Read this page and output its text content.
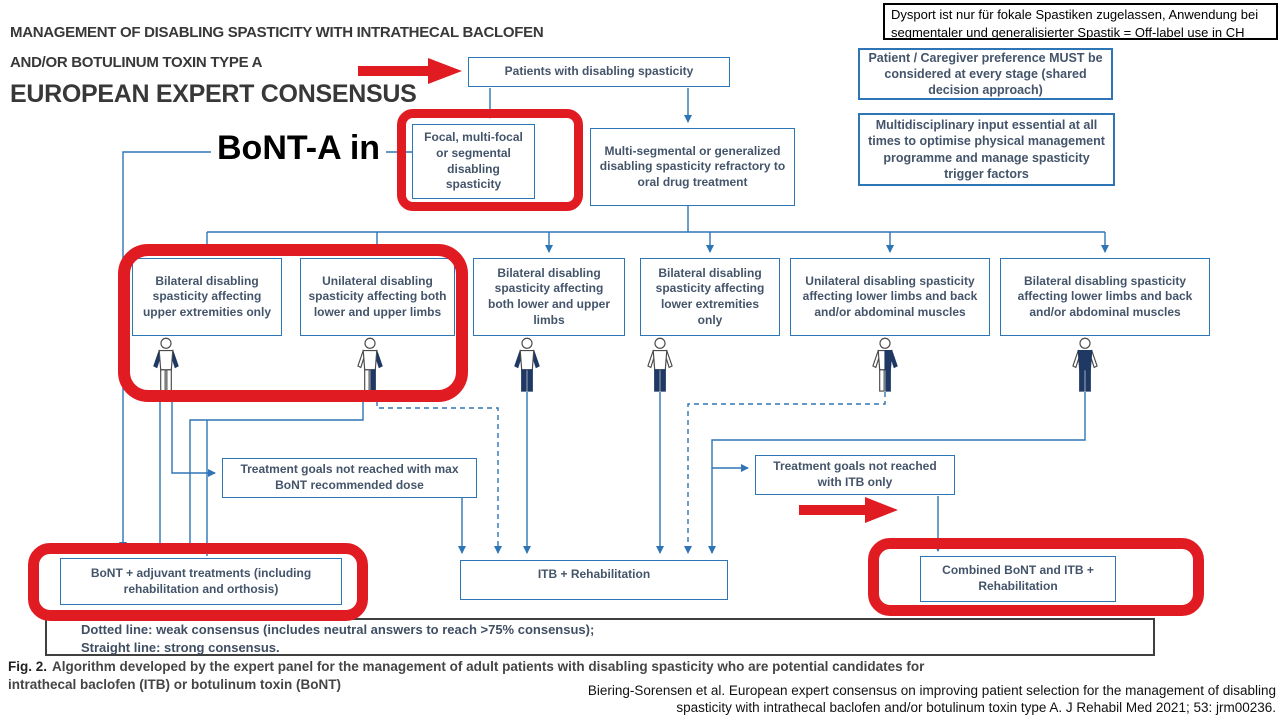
MANAGEMENT OF DISABLING SPASTICITY WITH INTRATHECAL BACLOFEN
AND/OR BOTULINUM TOXIN TYPE A
EUROPEAN EXPERT CONSENSUS
Dysport ist nur für fokale Spastiken zugelassen, Anwendung bei segmentaler und generalisierter Spastik = Off-label use in CH
Patient / Caregiver preference MUST be considered at every stage (shared decision approach)
Multidisciplinary input essential at all times to optimise physical management programme and manage spasticity trigger factors
Patients with disabling spasticity
Focal, multi-focal or segmental disabling spasticity
Multi-segmental or generalized disabling spasticity refractory to oral drug treatment
BoNT-A in
Bilateral disabling spasticity affecting upper extremities only
Unilateral disabling spasticity affecting both lower and upper limbs
Bilateral disabling spasticity affecting both lower and upper limbs
Bilateral disabling spasticity affecting lower extremities only
Unilateral disabling spasticity affecting lower limbs and back and/or abdominal muscles
Bilateral disabling spasticity affecting lower limbs and back and/or abdominal muscles
Treatment goals not reached with max BoNT recommended dose
Treatment goals not reached with ITB only
BoNT + adjuvant treatments (including rehabilitation and orthosis)
ITB + Rehabilitation	Combined BoNT and ITB + Rehabilitation
Dotted line: weak consensus (includes neutral answers to reach >75% consensus);
Straight line: strong consensus.
Fig. 2. Algorithm developed by the expert panel for the management of adult patients with disabling spasticity who are potential candidates for
intrathecal baclofen (ITB) or botulinum toxin (BoNT)	Biering-Sorensen et al. European expert consensus on improving patient selection for the management of disabling
spasticity with intrathecal baclofen and/or botulinum toxin type A. J Rehabil Med 2021; 53: jrm00236.
